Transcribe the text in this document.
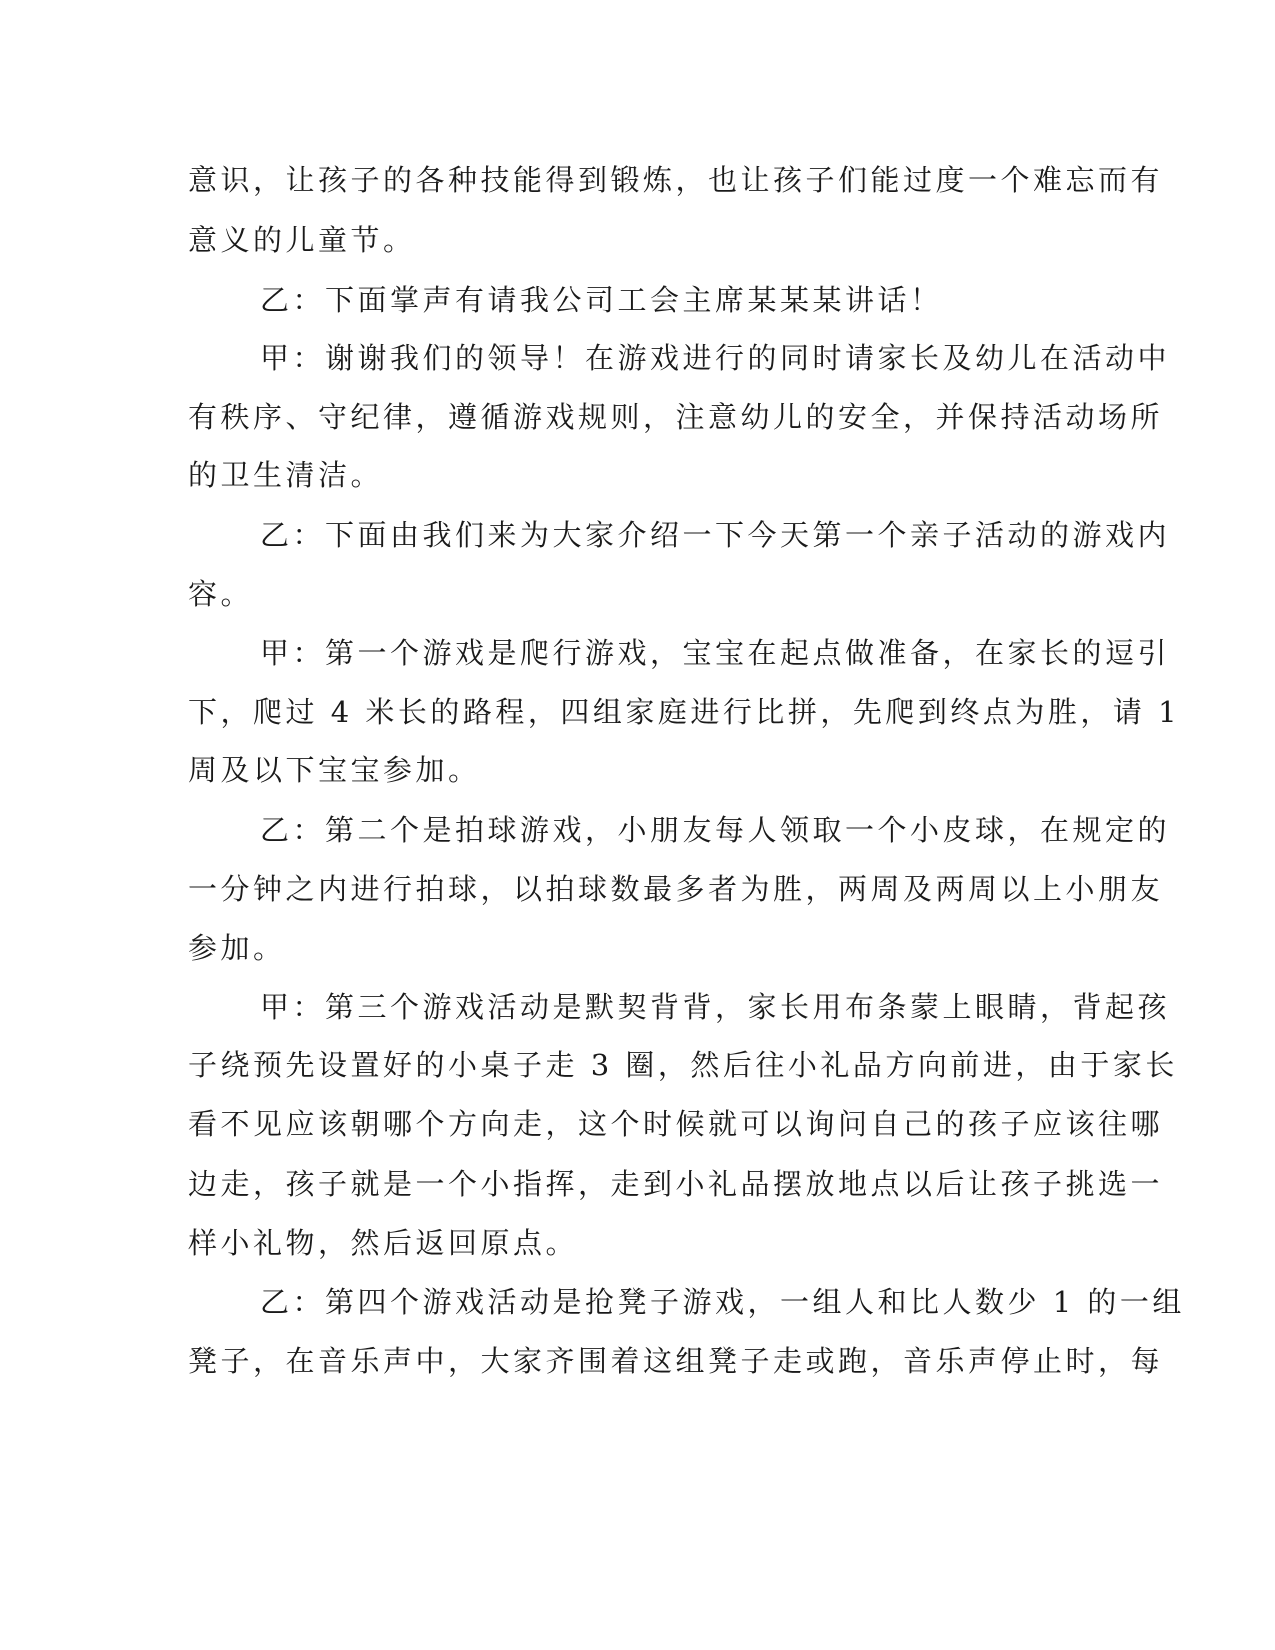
意识，让孩子的各种技能得到锻炼，也让孩子们能过度一个难忘而有
意义的儿童节。
乙：下面掌声有请我公司工会主席某某某讲话！
甲：谢谢我们的领导！在游戏进行的同时请家长及幼儿在活动中
有秩序、守纪律，遵循游戏规则，注意幼儿的安全，并保持活动场所
的卫生清洁。
乙：下面由我们来为大家介绍一下今天第一个亲子活动的游戏内
容。
甲：第一个游戏是爬行游戏，宝宝在起点做准备，在家长的逗引
下，爬过 4 米长的路程，四组家庭进行比拼，先爬到终点为胜，请 1
周及以下宝宝参加。
乙：第二个是拍球游戏，小朋友每人领取一个小皮球，在规定的
一分钟之内进行拍球，以拍球数最多者为胜，两周及两周以上小朋友
参加。
甲：第三个游戏活动是默契背背，家长用布条蒙上眼睛，背起孩
子绕预先设置好的小桌子走 3 圈，然后往小礼品方向前进，由于家长
看不见应该朝哪个方向走，这个时候就可以询问自己的孩子应该往哪
边走，孩子就是一个小指挥，走到小礼品摆放地点以后让孩子挑选一
样小礼物，然后返回原点。
乙：第四个游戏活动是抢凳子游戏，一组人和比人数少 1 的一组
凳子，在音乐声中，大家齐围着这组凳子走或跑，音乐声停止时，每
